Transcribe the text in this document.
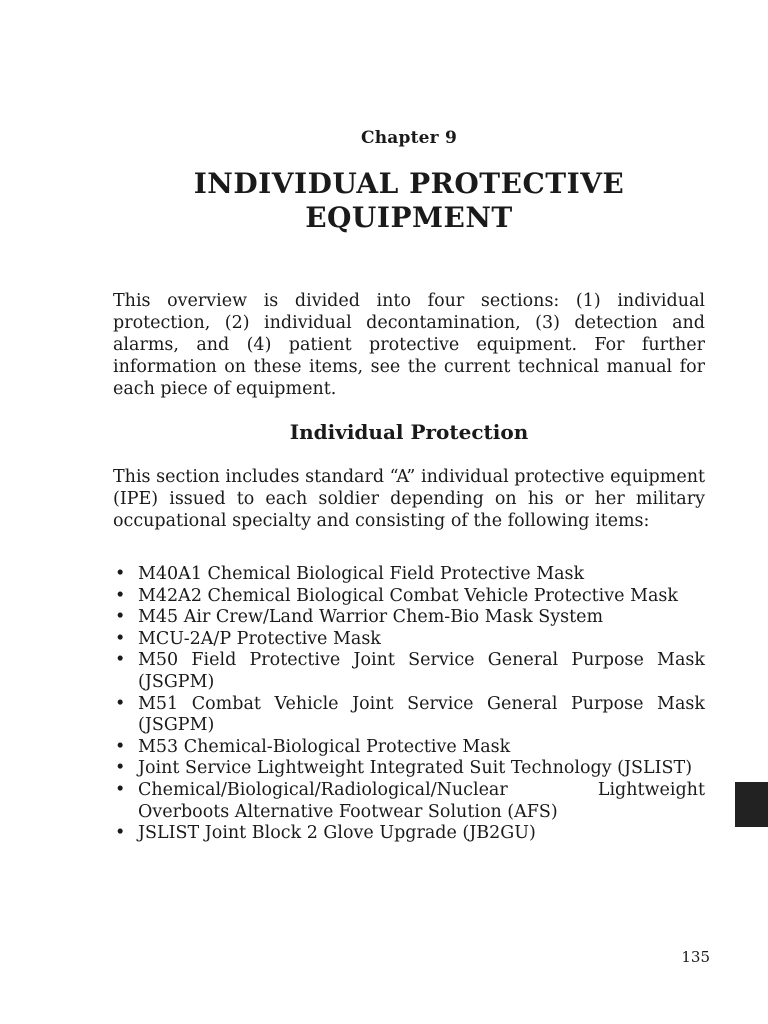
Chapter 9
INDIVIDUAL PROTECTIVE
EQUIPMENT

This overview is divided into four sections: (1) individual protection, (2) individual decontamination, (3) detection and alarms, and (4) patient protective equipment. For further information on these items, see the current technical manual for each piece of equipment.

Individual Protection

This section includes standard “A” individual protective equipment (IPE) issued to each soldier depending on his or her military occupational specialty and consisting of the following items:

• M40A1 Chemical Biological Field Protective Mask
• M42A2 Chemical Biological Combat Vehicle Protective Mask
• M45 Air Crew/Land Warrior Chem-Bio Mask System
• MCU-2A/P Protective Mask
• M50 Field Protective Joint Service General Purpose Mask (JSGPM)
• M51 Combat Vehicle Joint Service General Purpose Mask (JSGPM)
• M53 Chemical-Biological Protective Mask
• Joint Service Lightweight Integrated Suit Technology (JSLIST)
• Chemical/Biological/Radiological/Nuclear Lightweight Overboots Alternative Footwear Solution (AFS)
• JSLIST Joint Block 2 Glove Upgrade (JB2GU)
135
